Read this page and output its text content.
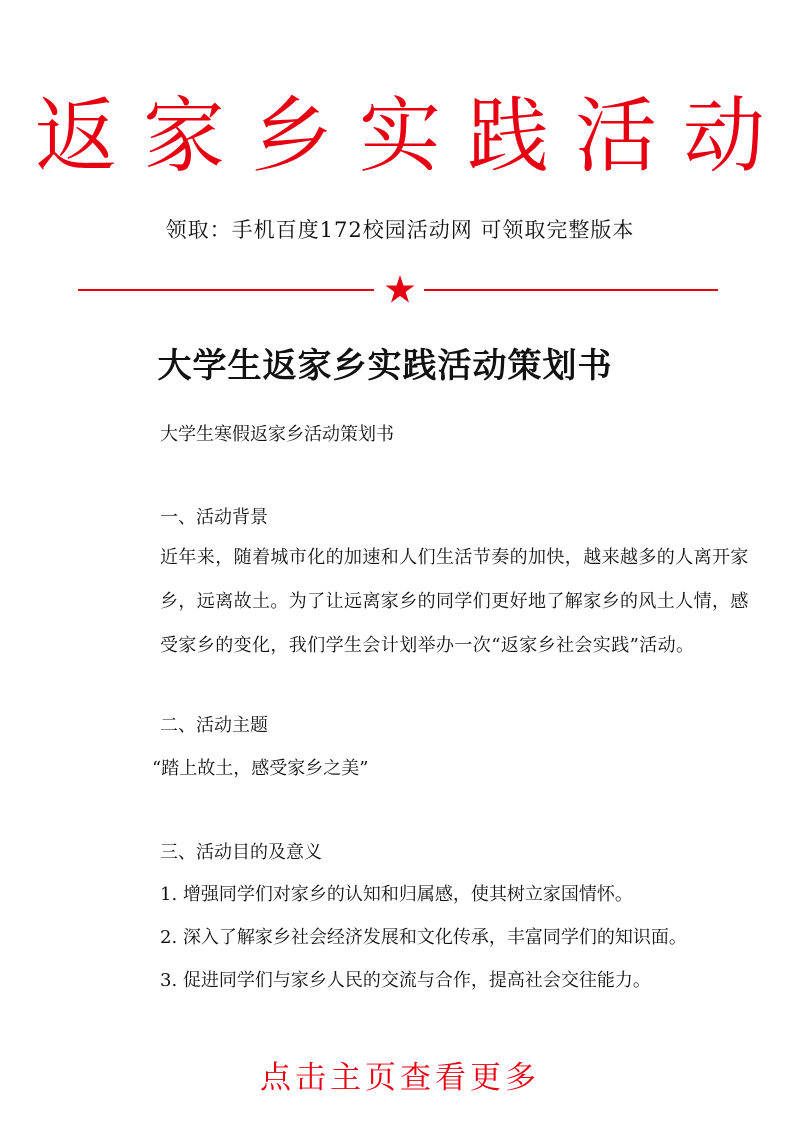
返家乡实践活动
领取：手机百度172校园活动网 可领取完整版本
大学生返家乡实践活动策划书
大学生寒假返家乡活动策划书
一、活动背景
近年来，随着城市化的加速和人们生活节奏的加快，越来越多的人离开家乡，远离故土。为了让远离家乡的同学们更好地了解家乡的风土人情，感受家乡的变化，我们学生会计划举办一次“返家乡社会实践”活动。
二、活动主题
“踏上故土，感受家乡之美”
三、活动目的及意义
1. 增强同学们对家乡的认知和归属感，使其树立家国情怀。
2. 深入了解家乡社会经济发展和文化传承，丰富同学们的知识面。
3. 促进同学们与家乡人民的交流与合作，提高社会交往能力。
点击主页查看更多
